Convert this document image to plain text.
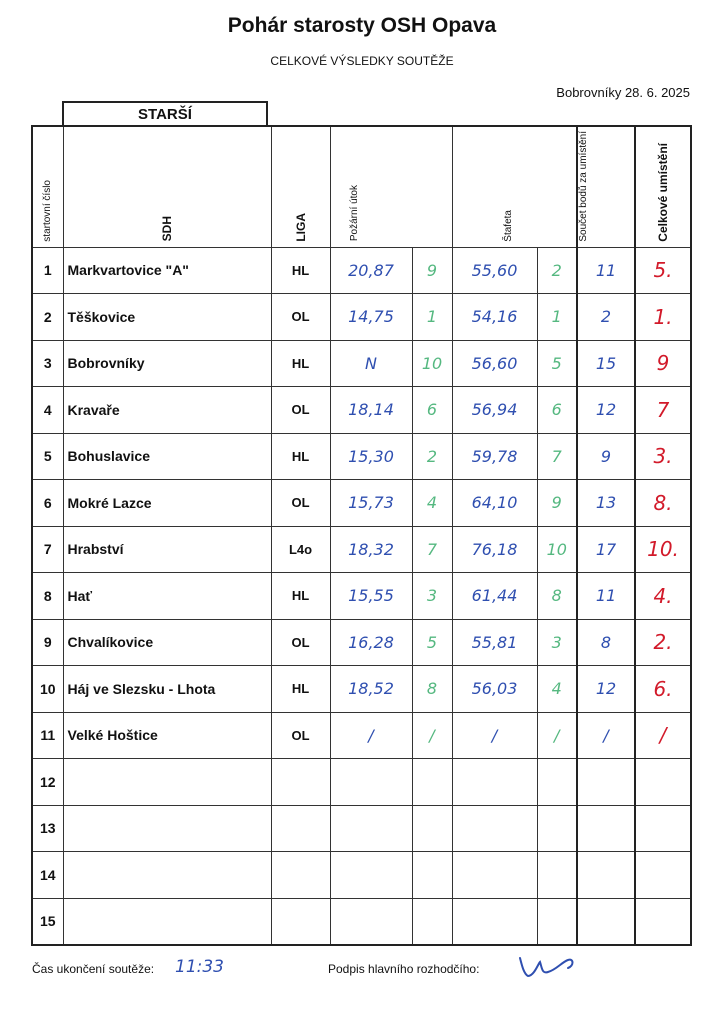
Pohár starosty OSH Opava
CELKOVÉ VÝSLEDKY SOUTĚŽE
Bobrovníky 28. 6. 2025
STARŠÍ
startovní číslo	SDH	LIGA	Požární útok		Štafeta		Součet bodů za umístění	Celkové umístění
1	Markvartovice "A"	HL	20,87	9	55,60	2	11	5.
2	Těškovice	OL	14,75	1	54,16	1	2	1.
3	Bobrovníky	HL	N	10	56,60	5	15	9
4	Kravaře	OL	18,14	6	56,94	6	12	7
5	Bohuslavice	HL	15,30	2	59,78	7	9	3.
6	Mokré Lazce	OL	15,73	4	64,10	9	13	8.
7	Hrabství	L4o	18,32	7	76,18	10	17	10.
8	Hať	HL	15,55	3	61,44	8	11	4.
9	Chvalíkovice	OL	16,28	5	55,81	3	8	2.
10	Háj ve Slezsku - Lhota	HL	18,52	8	56,03	4	12	6.
11	Velké Hoštice	OL	/	/	/	/	/	/
12								
13								
14								
15								
Čas ukončení soutěže: 11:33	Podpis hlavního rozhodčího:
